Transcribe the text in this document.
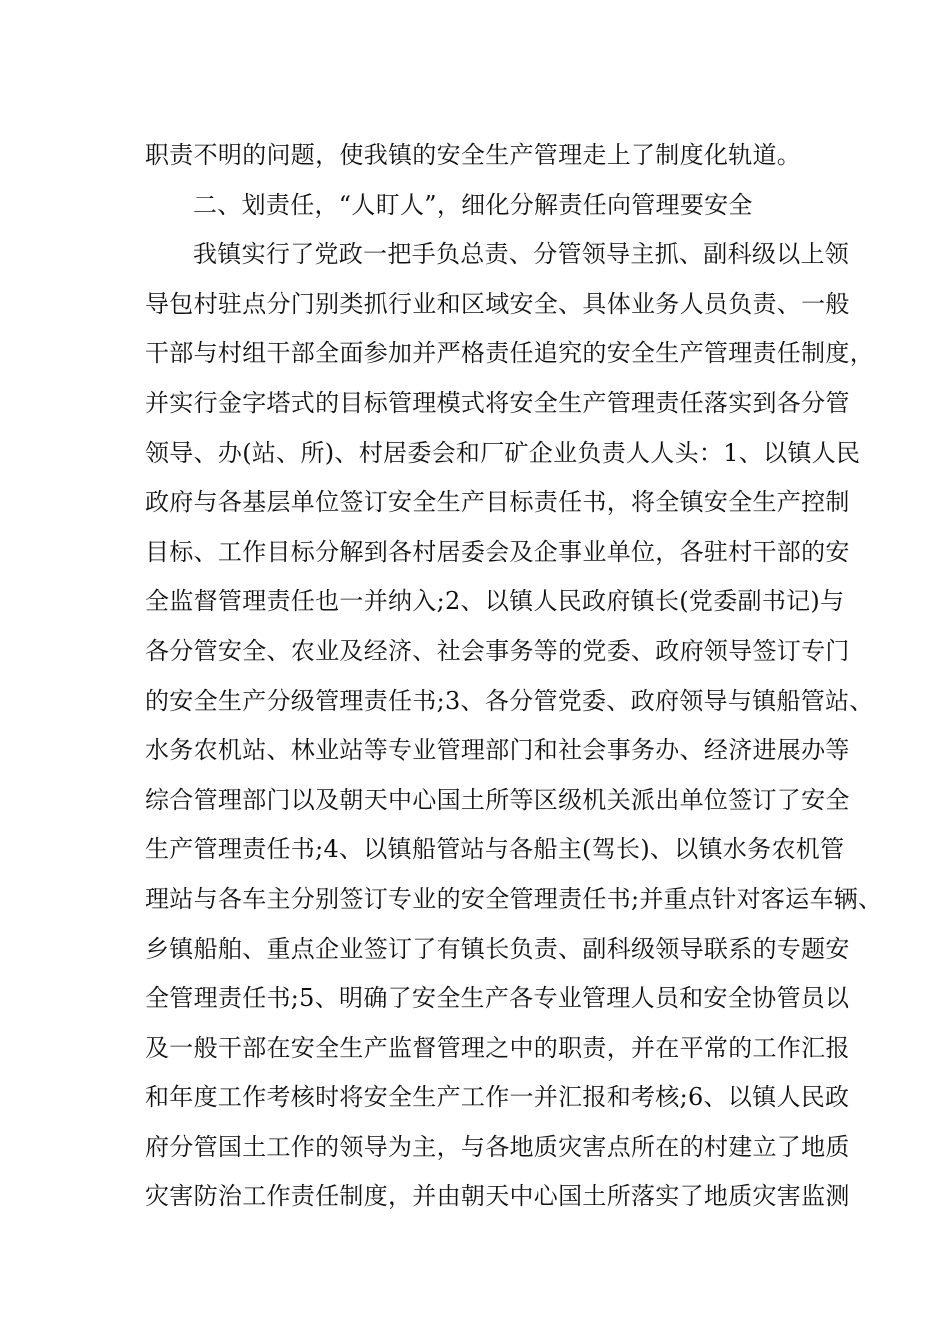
职责不明的问题，使我镇的安全生产管理走上了制度化轨道。
二、划责任，“人盯人”，细化分解责任向管理要安全
我镇实行了党政一把手负总责、分管领导主抓、副科级以上领
导包村驻点分门别类抓行业和区域安全、具体业务人员负责、一般
干部与村组干部全面参加并严格责任追究的安全生产管理责任制度，
并实行金字塔式的目标管理模式将安全生产管理责任落实到各分管
领导、办(站、所)、村居委会和厂矿企业负责人人头：1、以镇人民
政府与各基层单位签订安全生产目标责任书，将全镇安全生产控制
目标、工作目标分解到各村居委会及企事业单位，各驻村干部的安
全监督管理责任也一并纳入;2、以镇人民政府镇长(党委副书记)与
各分管安全、农业及经济、社会事务等的党委、政府领导签订专门
的安全生产分级管理责任书;3、各分管党委、政府领导与镇船管站、
水务农机站、林业站等专业管理部门和社会事务办、经济进展办等
综合管理部门以及朝天中心国土所等区级机关派出单位签订了安全
生产管理责任书;4、以镇船管站与各船主(驾长)、以镇水务农机管
理站与各车主分别签订专业的安全管理责任书;并重点针对客运车辆、
乡镇船舶、重点企业签订了有镇长负责、副科级领导联系的专题安
全管理责任书;5、明确了安全生产各专业管理人员和安全协管员以
及一般干部在安全生产监督管理之中的职责，并在平常的工作汇报
和年度工作考核时将安全生产工作一并汇报和考核;6、以镇人民政
府分管国土工作的领导为主，与各地质灾害点所在的村建立了地质
灾害防治工作责任制度，并由朝天中心国土所落实了地质灾害监测
